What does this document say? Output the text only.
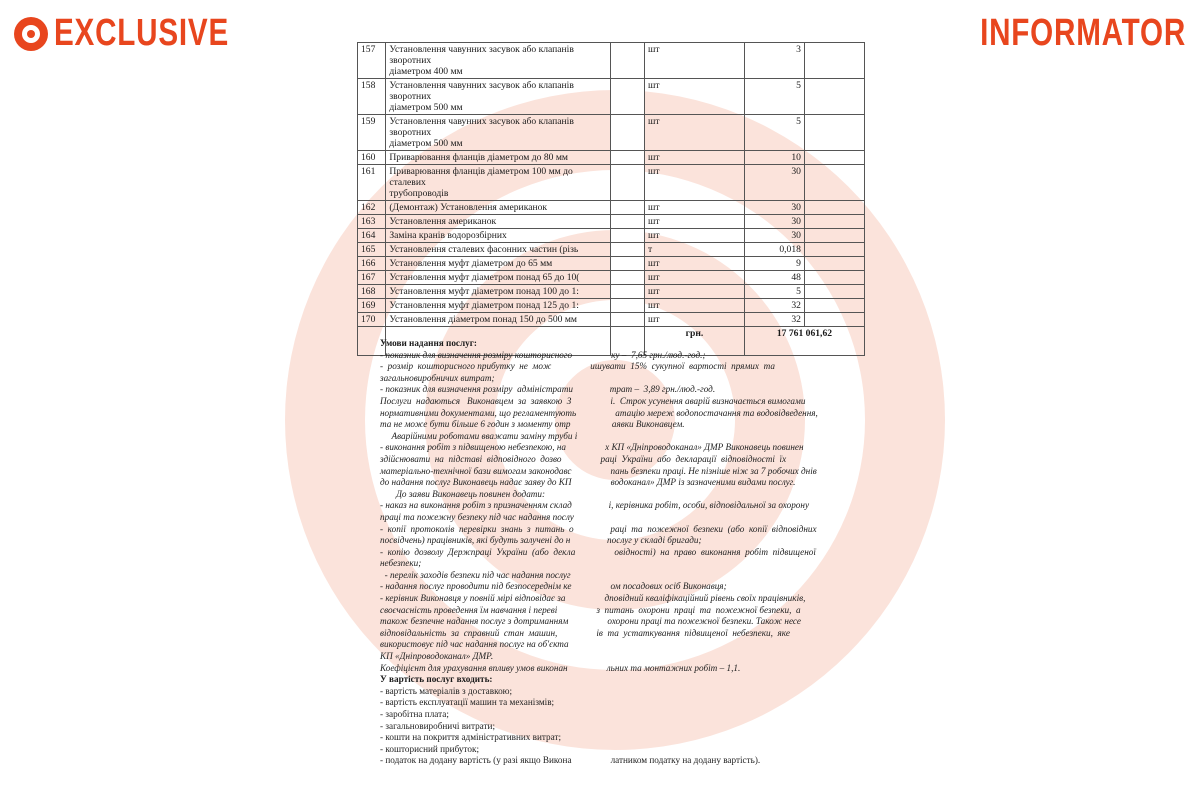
EXCLUSIVE	INFORMATOR
157	Установлення чавунних засувок або клапанів зворотних
діаметром 400 мм		шт	3	
158	Установлення чавунних засувок або клапанів зворотних
діаметром 500 мм		шт	5	
159	Установлення чавунних засувок або клапанів зворотних
діаметром 500 мм		шт	5	
160	Приварювання фланців діаметром до 80 мм		шт	10	
161	Приварювання фланців діаметром 100 мм до сталевих
трубопроводів		шт	30	
162	(Демонтаж) Установлення американок		шт	30	
163	Установлення американок		шт	30	
164	Заміна кранів водорозбірних		шт	30	
165	Установлення сталевих фасонних частин (різь		т	0,018	
166	Установлення муфт діаметром до 65 мм		шт	9	
167	Установлення муфт діаметром понад 65 до 10(		шт	48	
168	Установлення муфт діаметром понад 100 до 1:		шт	5	
169	Установлення муфт діаметром понад 125 до 1:		шт	32	
170	Установлення діаметром понад 150 до 500 мм		шт	32	
			грн.	17 761 061,62	
Умови надання послуг:
- показник для визначення розміру кошторисного                 ку –  7,65 грн./люд.-год.;
-  розмір  кошторисного прибутку  не  мож                 ишувати  15%  сукупної  вартості  прямих  та
загальновиробничих витрат;
- показник для визначення розміру  адміністрати                трат –  3,89 грн./люд.-год.
Послуги  надаються   Виконавцем  за  заявкою  З                 і.  Строк усунення аварій визначається вимогами
нормативними документами, що регламентують                 атацію мереж водопостачання та водовідведення,
та не може бути більше 6 годин з моменту отр                  аявки Виконавцем.
Аварійними роботами вважати заміну труби і
- виконання робіт з підвищеною небезпекою, на                 х КП «Дніпроводоканал» ДМР Виконавець повинен
здійснювати  на  підставі  відповідного  дозво                 раці  України  або  декларації  відповідності  їх
матеріально-технічної бази вимогам законодавс                 пань безпеки праці. Не пізніше ніж за 7 робочих днів
до надання послуг Виконавець надає заяву до КП                 водоканал» ДМР із зазначеними видами послуг.
До заяви Виконавець повинен додати:
- наказ на виконання робіт з призначенням склад                і, керівника робіт, особи, відповідальної за охорону
праці та пожежну безпеку під час надання послу
-  копії  протоколів  перевірки  знань  з  питань  о                раці  та  пожежної  безпеки  (або  копії  відповідних
посвідчень) працівників, які будуть залучені до н                послуг у складі бригади;
-  копію  дозволу  Держпраці  України  (або  декла                 овідності)  на  право  виконання  робіт  підвищеної
небезпеки;
- перелік заходів безпеки під час надання послуг
- надання послуг проводити під безпосереднім ке                 ом посадових осіб Виконавця;
- керівник Виконавця у повній мірі відповідає за                 дповідний кваліфікаційний рівень своїх працівників,
своєчасність проведення їм навчання і переві                 з  питань  охорони  праці  та  пожежної безпеки,  а
також безпечне надання послуг з дотриманням                 охорони праці та пожежної безпеки. Також несе
відповідальність  за  справний  стан  машин,                 ів  та  устаткування  підвищеної  небезпеки,  яке
використовує під час надання послуг на об'єкта
КП «Дніпроводоканал» ДМР.
Коефіцієнт для урахування впливу умов виконан                 льних та монтажних робіт – 1,1.
У вартість послуг входить:
- вартість матеріалів з доставкою;
- вартість експлуатації машин та механізмів;
- заробітна плата;
- загальновиробничі витрати;
- кошти на покриття адміністративних витрат;
- кошторисний прибуток;
- податок на додану вартість (у разі якщо Викона                 латником податку на додану вартість).
